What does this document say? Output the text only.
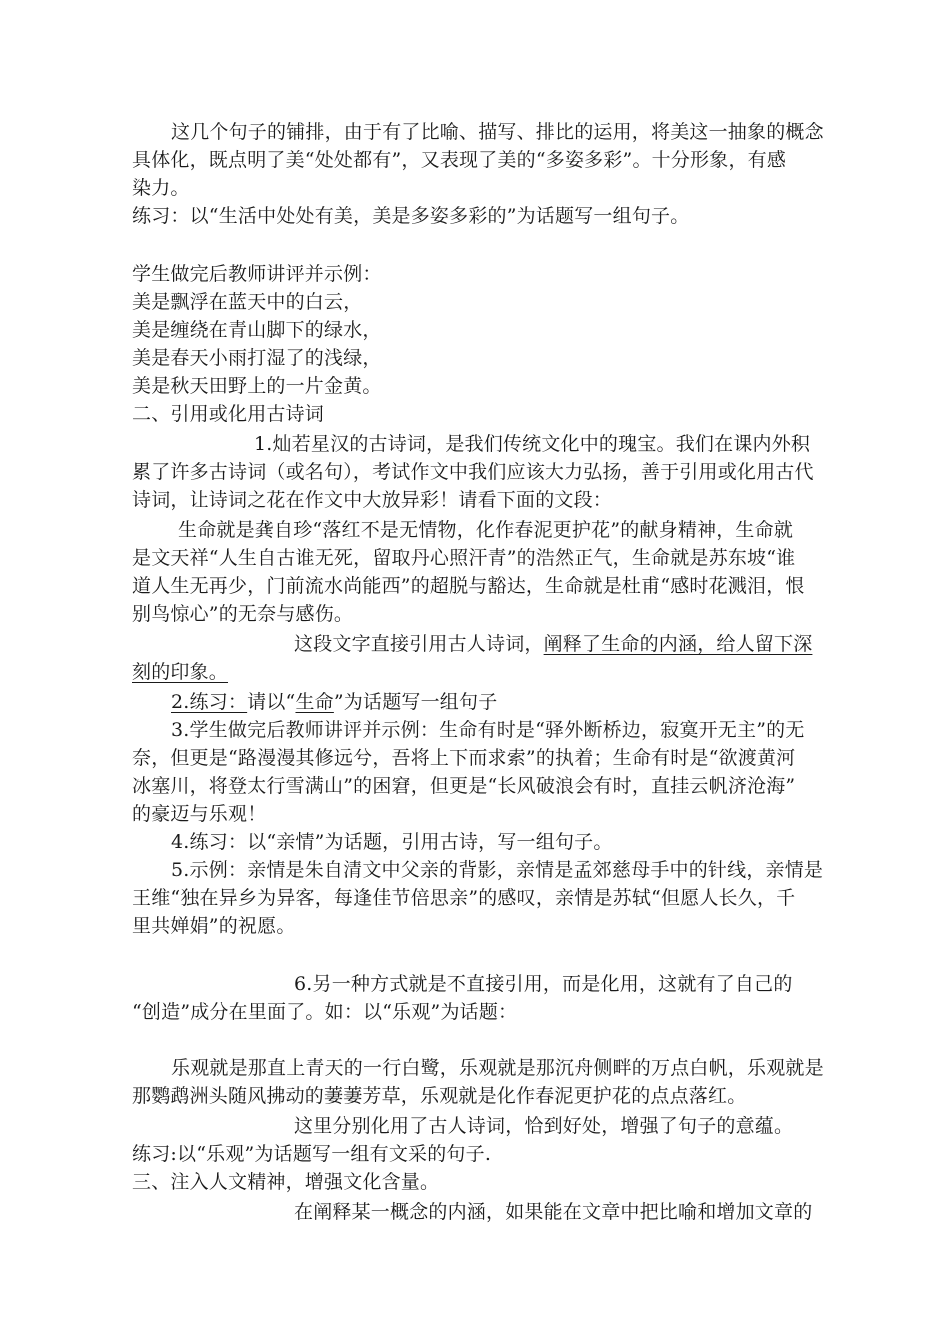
这几个句子的铺排，由于有了比喻、描写、排比的运用，将美这一抽象的概念
具体化，既点明了美“处处都有”，又表现了美的“多姿多彩”。十分形象，有感
染力。
练习：以“生活中处处有美，美是多姿多彩的”为话题写一组句子。
学生做完后教师讲评并示例：
美是飘浮在蓝天中的白云，
美是缠绕在青山脚下的绿水，
美是春天小雨打湿了的浅绿，
美是秋天田野上的一片金黄。
二、引用或化用古诗词
1.灿若星汉的古诗词，是我们传统文化中的瑰宝。我们在课内外积
累了许多古诗词（或名句），考试作文中我们应该大力弘扬，善于引用或化用古代
诗词，让诗词之花在作文中大放异彩！请看下面的文段：
生命就是龚自珍“落红不是无情物，化作春泥更护花”的献身精神，生命就
是文天祥“人生自古谁无死，留取丹心照汗青”的浩然正气，生命就是苏东坡“谁
道人生无再少，门前流水尚能西”的超脱与豁达，生命就是杜甫“感时花溅泪，恨
别鸟惊心”的无奈与感伤。
这段文字直接引用古人诗词，阐释了生命的内涵，给人留下深
刻的印象。
2.练习：请以“生命”为话题写一组句子
3.学生做完后教师讲评并示例：生命有时是“驿外断桥边，寂寞开无主”的无
奈，但更是“路漫漫其修远兮，吾将上下而求索”的执着；生命有时是“欲渡黄河
冰塞川，将登太行雪满山”的困窘，但更是“长风破浪会有时，直挂云帆济沧海”
的豪迈与乐观！
4.练习：以“亲情”为话题，引用古诗，写一组句子。
5.示例：亲情是朱自清文中父亲的背影，亲情是孟郊慈母手中的针线，亲情是
王维“独在异乡为异客，每逢佳节倍思亲”的感叹，亲情是苏轼“但愿人长久，千
里共婵娟”的祝愿。
6.另一种方式就是不直接引用，而是化用，这就有了自己的
“创造”成分在里面了。如：以“乐观”为话题：
乐观就是那直上青天的一行白鹭，乐观就是那沉舟侧畔的万点白帆，乐观就是
那鹦鹉洲头随风拂动的萋萋芳草，乐观就是化作春泥更护花的点点落红。
这里分别化用了古人诗词，恰到好处，增强了句子的意蕴。
练习:以“乐观”为话题写一组有文采的句子.
三、注入人文精神，增强文化含量。
在阐释某一概念的内涵，如果能在文章中把比喻和增加文章的
